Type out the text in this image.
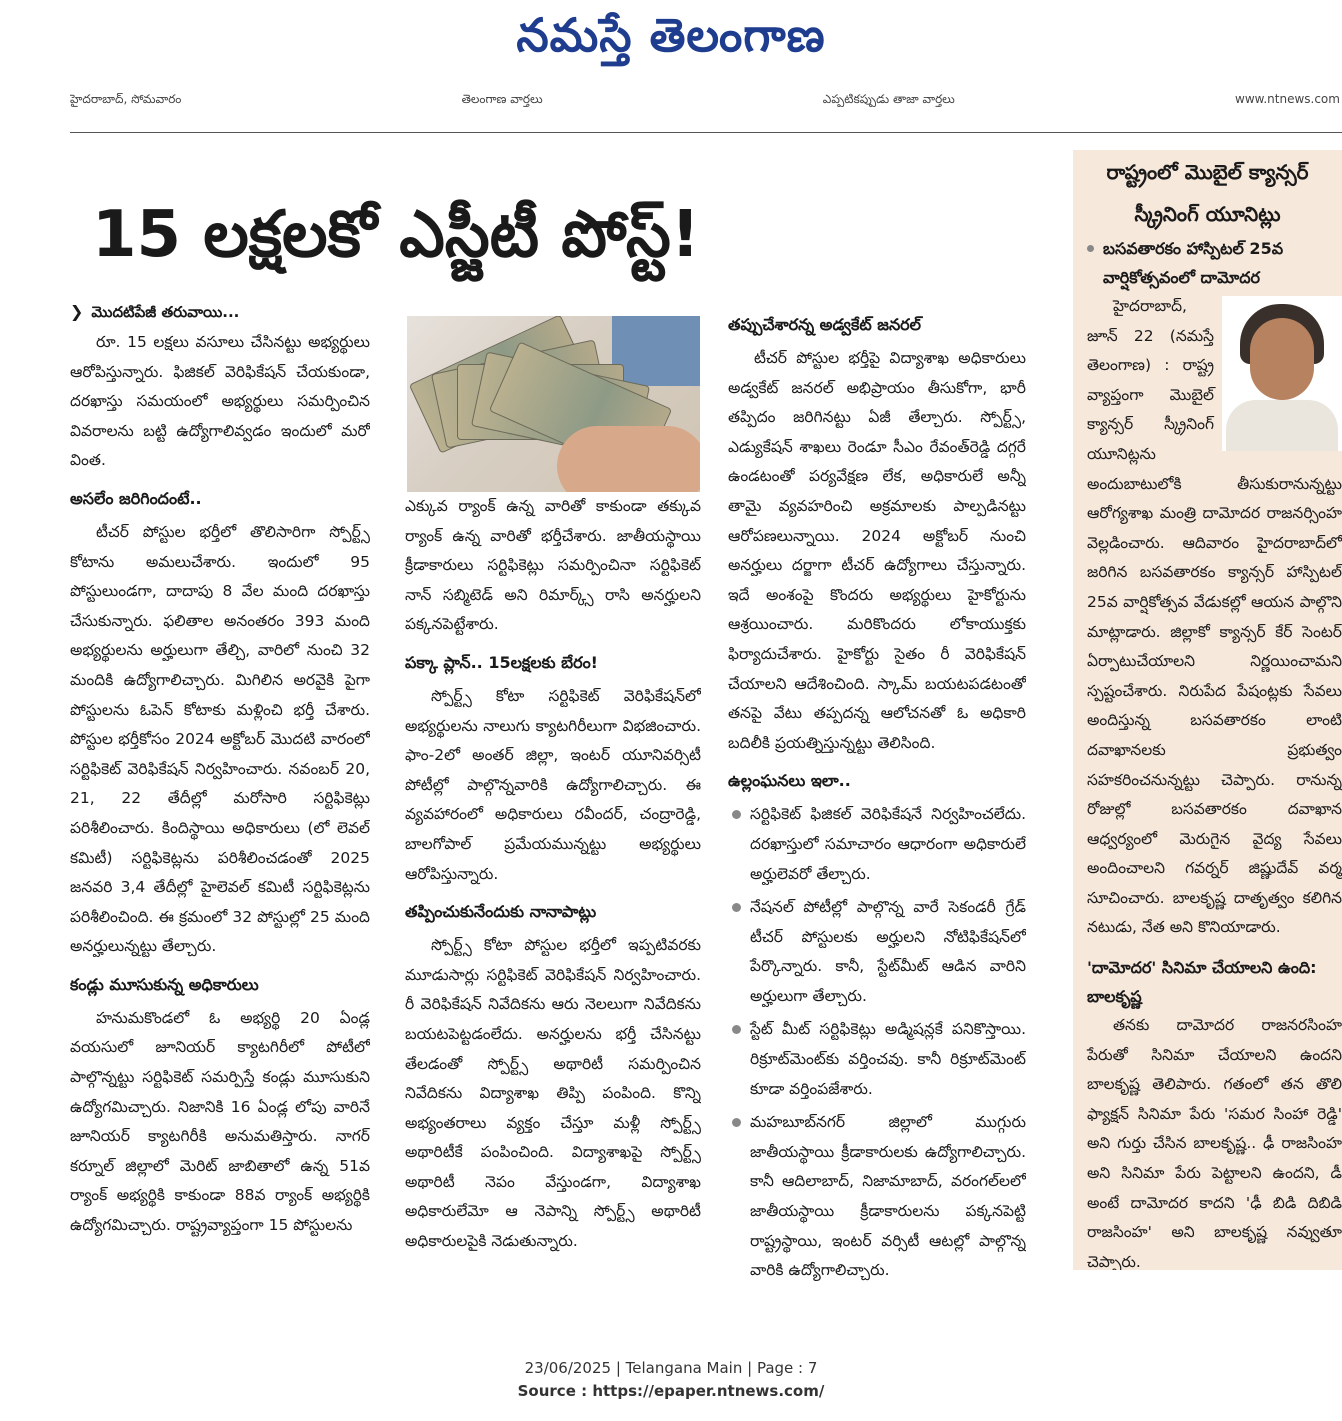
నమస్తే తెలంగాణ
హైదరాబాద్, సోమవారం	తెలంగాణ వార్తలు	ఎప్పటికప్పుడు తాజా వార్తలు	www.ntnews.com
15 లక్షలకో ఎస్జీటీ పోస్ట్!
❯ మొదటిపేజీ తరువాయి...

రూ. 15 లక్షలు వసూలు చేసినట్టు అభ్యర్థులు ఆరోపిస్తున్నారు. ఫిజికల్ వెరిఫికేషన్ చేయకుండా, దరఖాస్తు సమయంలో అభ్యర్థులు సమర్పించిన వివరాలను బట్టి ఉద్యోగాలివ్వడం ఇందులో మరో వింత.

అసలేం జరిగిందంటే..

టీచర్ పోస్టుల భర్తీలో తొలిసారిగా స్పోర్ట్స్ కోటాను అమలుచేశారు. ఇందులో 95 పోస్టులుండగా, దాదాపు 8 వేల మంది దరఖాస్తు చేసుకున్నారు. ఫలితాల అనంతరం 393 మంది అభ్యర్థులను అర్హులుగా తేల్చి, వారిలో నుంచి 32 మందికి ఉద్యోగాలిచ్చారు. మిగిలిన అరవైకి పైగా పోస్టులను ఓపెన్ కోటాకు మళ్లించి భర్తీ చేశారు. పోస్టుల భర్తీకోసం 2024 అక్టోబర్ మొదటి వారంలో సర్టిఫికెట్ వెరిఫికేషన్ నిర్వహించారు. నవంబర్ 20, 21, 22 తేదీల్లో మరోసారి సర్టిఫికెట్లు పరిశీలించారు. కిందిస్థాయి అధికారులు (లో లెవల్ కమిటీ) సర్టిఫికెట్లను పరిశీలించడంతో 2025 జనవరి 3,4 తేదీల్లో హైలెవల్ కమిటీ సర్టిఫికెట్లను పరిశీలించింది. ఈ క్రమంలో 32 పోస్టుల్లో 25 మంది అనర్హులున్నట్టు తేల్చారు.

కండ్లు మూసుకున్న అధికారులు

హనుమకొండలో ఓ అభ్యర్థి 20 ఏండ్ల వయసులో జూనియర్ క్యాటగిరీలో పోటీలో పాల్గొన్నట్టు సర్టిఫికెట్ సమర్పిస్తే కండ్లు మూసుకుని ఉద్యోగమిచ్చారు. నిజానికి 16 ఏండ్ల లోపు వారినే జూనియర్ క్యాటగిరీకి అనుమతిస్తారు. నాగర్ కర్నూల్ జిల్లాలో మెరిట్ జాబితాలో ఉన్న 51వ ర్యాంక్ అభ్యర్థికి కాకుండా 88వ ర్యాంక్ అభ్యర్థికి ఉద్యోగమిచ్చారు. రాష్ట్రవ్యాప్తంగా 15 పోస్టులను

ఎక్కువ ర్యాంక్ ఉన్న వారితో కాకుండా తక్కువ ర్యాంక్ ఉన్న వారితో భర్తీచేశారు. జాతీయస్థాయి క్రీడాకారులు సర్టిఫికెట్లు సమర్పించినా సర్టిఫికెట్ నాన్ సబ్మిటెడ్ అని రిమార్క్స్ రాసి అనర్హులని పక్కనపెట్టేశారు.

పక్కా ప్లాన్.. 15లక్షలకు బేరం!

స్పోర్ట్స్ కోటా సర్టిఫికెట్ వెరిఫికేషన్‌లో అభ్యర్థులను నాలుగు క్యాటగిరీలుగా విభజించారు. ఫాం-2లో అంతర్ జిల్లా, ఇంటర్ యూనివర్సిటీ పోటీల్లో పాల్గొన్నవారికి ఉద్యోగాలిచ్చారు. ఈ వ్యవహారంలో అధికారులు రవీందర్, చంద్రారెడ్డి, బాలగోపాల్ ప్రమేయమున్నట్టు అభ్యర్థులు ఆరోపిస్తున్నారు.

తప్పించుకునేందుకు నానాపాట్లు

స్పోర్ట్స్ కోటా పోస్టుల భర్తీలో ఇప్పటివరకు మూడుసార్లు సర్టిఫికెట్ వెరిఫికేషన్ నిర్వహించారు. రీ వెరిఫికేషన్ నివేదికను ఆరు నెలలుగా నివేదికను బయటపెట్టడంలేదు. అనర్హులను భర్తీ చేసినట్టు తేలడంతో స్పోర్ట్స్ అథారిటీ సమర్పించిన నివేదికను విద్యాశాఖ తిప్పి పంపింది. కొన్ని అభ్యంతరాలు వ్యక్తం చేస్తూ మళ్లీ స్పోర్ట్స్ అథారిటీకే పంపించింది. విద్యాశాఖపై స్పోర్ట్స్ అథారిటీ నెపం వేస్తుండగా, విద్యాశాఖ అధికారులేమో ఆ నెపాన్ని స్పోర్ట్స్ అథారిటీ అధికారులపైకి నెడుతున్నారు.

తప్పుచేశారన్న అడ్వకేట్ జనరల్

టీచర్ పోస్టుల భర్తీపై విద్యాశాఖ అధికారులు అడ్వకేట్ జనరల్ అభిప్రాయం తీసుకోగా, భారీ తప్పిదం జరిగినట్టు ఏజీ తేల్చారు. స్పోర్ట్స్, ఎడ్యుకేషన్ శాఖలు రెండూ సీఎం రేవంత్‌రెడ్డి దగ్గరే ఉండటంతో పర్యవేక్షణ లేక, అధికారులే అన్నీ తామై వ్యవహరించి అక్రమాలకు పాల్పడినట్టు ఆరోపణలున్నాయి. 2024 అక్టోబర్ నుంచి అనర్హులు దర్జాగా టీచర్ ఉద్యోగాలు చేస్తున్నారు. ఇదే అంశంపై కొందరు అభ్యర్థులు హైకోర్టును ఆశ్రయించారు. మరికొందరు లోకాయుక్తకు ఫిర్యాదుచేశారు. హైకోర్టు సైతం రీ వెరిఫికేషన్ చేయాలని ఆదేశించింది. స్కామ్ బయటపడటంతో తనపై వేటు తప్పదన్న ఆలోచనతో ఓ అధికారి బదిలీకి ప్రయత్నిస్తున్నట్టు తెలిసింది.

ఉల్లంఘనలు ఇలా..
సర్టిఫికెట్ ఫిజికల్ వెరిఫికేషనే నిర్వహించలేదు. దరఖాస్తులో సమాచారం ఆధారంగా అధికారులే అర్హులెవరో తేల్చారు.
నేషనల్ పోటీల్లో పాల్గొన్న వారే సెకండరీ గ్రేడ్ టీచర్ పోస్టులకు అర్హులని నోటిఫికేషన్‌లో పేర్కొన్నారు. కానీ, స్టేట్‌మీట్ ఆడిన వారిని అర్హులుగా తేల్చారు.
స్టేట్ మీట్ సర్టిఫికెట్లు అడ్మిషన్లకే పనికొస్తాయి. రిక్రూట్‌మెంట్‌కు వర్తించవు. కానీ రిక్రూట్‌మెంట్ కూడా వర్తింపజేశారు.
మహబూబ్‌నగర్ జిల్లాలో ముగ్గురు జాతీయస్థాయి క్రీడాకారులకు ఉద్యోగాలిచ్చారు. కానీ ఆదిలాబాద్, నిజామాబాద్, వరంగల్‌లలో జాతీయస్థాయి క్రీడాకారులను పక్కనపెట్టి రాష్ట్రస్థాయి, ఇంటర్ వర్సిటీ ఆటల్లో పాల్గొన్న వారికి ఉద్యోగాలిచ్చారు.
రాష్ట్రంలో మొబైల్ క్యాన్సర్
స్క్రీనింగ్ యూనిట్లు
బసవతారకం హాస్పిటల్ 25వ వార్షికోత్సవంలో దామోదర

హైదరాబాద్, జూన్ 22 (నమస్తే తెలంగాణ) : రాష్ట్ర వ్యాప్తంగా మొబైల్ క్యాన్సర్ స్క్రీనింగ్ యూనిట్లను అందుబాటులోకి తీసుకురానున్నట్టు ఆరోగ్యశాఖ మంత్రి దామోదర రాజనర్సింహ వెల్లడించారు. ఆదివారం హైదరాబాద్‌లో జరిగిన బసవతారకం క్యాన్సర్ హాస్పిటల్ 25వ వార్షికోత్సవ వేడుకల్లో ఆయన పాల్గొని మాట్లాడారు. జిల్లాకో క్యాన్సర్ కేర్ సెంటర్ ఏర్పాటుచేయాలని నిర్ణయించామని స్పష్టంచేశారు. నిరుపేద పేషంట్లకు సేవలు అందిస్తున్న బసవతారకం లాంటి దవాఖానలకు ప్రభుత్వం సహకరించనున్నట్టు చెప్పారు. రానున్న రోజుల్లో బసవతారకం దవాఖాన ఆధ్వర్యంలో మెరుగైన వైద్య సేవలు అందించాలని గవర్నర్ జిష్ణుదేవ్ వర్మ సూచించారు. బాలకృష్ణ దాతృత్వం కలిగిన నటుడు, నేత అని కొనియాడారు.

'దామోదర' సినిమా చేయాలని ఉంది: బాలకృష్ణ

తనకు దామోదర రాజనరసింహ పేరుతో సినిమా చేయాలని ఉందని బాలకృష్ణ తెలిపారు. గతంలో తన తొలి ఫ్యాక్షన్ సినిమా పేరు 'సమర సింహా రెడ్డి' అని గుర్తు చేసిన బాలకృష్ణ.. ఢీ రాజసింహ అని సినిమా పేరు పెట్టాలని ఉందని, డీ అంటే దామోదర కాదని 'ఢీ బిడి దిబిడి రాజసింహ' అని బాలకృష్ణ నవ్వుతూ చెప్పారు.

23/06/2025 | Telangana Main | Page : 7
Source : https://epaper.ntnews.com/
